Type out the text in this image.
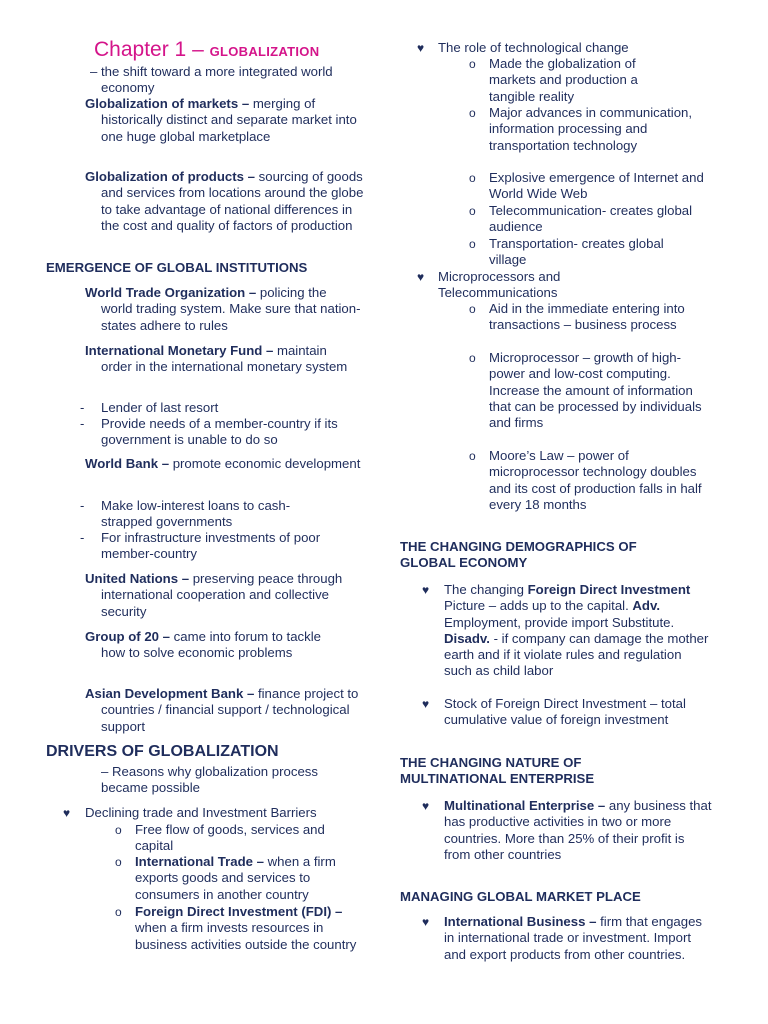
Chapter 1 – GLOBALIZATION
– the shift toward a more integrated world economy
Globalization of markets – merging of historically distinct and separate market into one huge global marketplace
Globalization of products – sourcing of goods and services from locations around the globe to take advantage of national differences in the cost and quality of factors of production
EMERGENCE OF GLOBAL INSTITUTIONS
World Trade Organization – policing the world trading system. Make sure that nation-states adhere to rules
International Monetary Fund – maintain order in the international monetary system
- Lender of last resort
- Provide needs of a member-country if its government is unable to do so
World Bank – promote economic development
- Make low-interest loans to cash-strapped governments
- For infrastructure investments of poor member-country
United Nations – preserving peace through international cooperation and collective security
Group of 20 – came into forum to tackle how to solve economic problems
Asian Development Bank – finance project to countries / financial support / technological support
DRIVERS OF GLOBALIZATION
– Reasons why globalization process became possible
♥ Declining trade and Investment Barriers
o Free flow of goods, services and capital
o International Trade – when a firm exports goods and services to consumers in another country
o Foreign Direct Investment (FDI) – when a firm invests resources in business activities outside the country
♥ The role of technological change
o Made the globalization of markets and production a tangible reality
o Major advances in communication, information processing and transportation technology
o Explosive emergence of Internet and World Wide Web
o Telecommunication- creates global audience
o Transportation- creates global village
♥ Microprocessors and Telecommunications
o Aid in the immediate entering into transactions – business process
o Microprocessor – growth of high-power and low-cost computing. Increase the amount of information that can be processed by individuals and firms
o Moore’s Law – power of microprocessor technology doubles and its cost of production falls in half every 18 months
THE CHANGING DEMOGRAPHICS OF GLOBAL ECONOMY
♥ The changing Foreign Direct Investment Picture – adds up to the capital. Adv. Employment, provide import Substitute. Disadv. - if company can damage the mother earth and if it violate rules and regulation such as child labor
♥ Stock of Foreign Direct Investment – total cumulative value of foreign investment
THE CHANGING NATURE OF MULTINATIONAL ENTERPRISE
♥ Multinational Enterprise – any business that has productive activities in two or more countries. More than 25% of their profit is from other countries
MANAGING GLOBAL MARKET PLACE
♥ International Business – firm that engages in international trade or investment. Import and export products from other countries.
